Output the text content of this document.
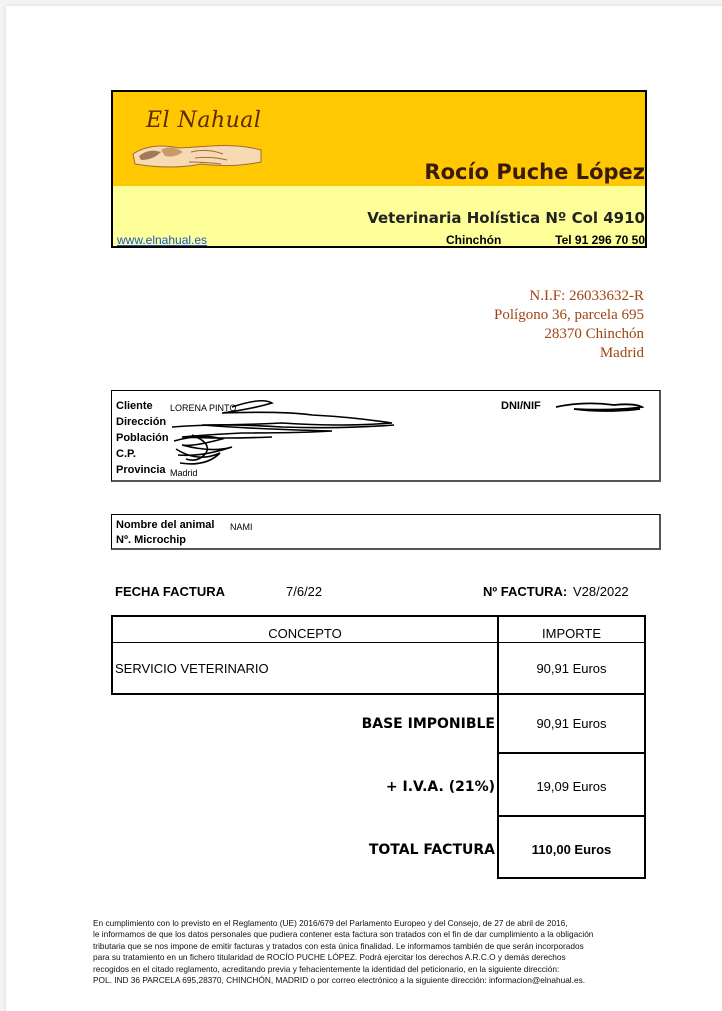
El Nahual
Rocío Puche López
Veterinaria Holística Nº Col 4910
www.elnahual.es	Chinchón	Tel 91 296 70 50
N.I.F: 26033632-R
Polígono 36, parcela 695
28370 Chinchón
Madrid
Cliente LORENA PINTO
Dirección
Población
C.P.
Provincia Madrid
DNI/NIF
Nombre del animal NAMI
Nº. Microchip
FECHA FACTURA	7/6/22	Nº FACTURA: V28/2022
CONCEPTO	IMPORTE
SERVICIO VETERINARIO	90,91 Euros
BASE IMPONIBLE	90,91 Euros
+ I.V.A. (21%)	19,09 Euros
TOTAL FACTURA	110,00 Euros
En cumplimiento con lo previsto en el Reglamento (UE) 2016/679 del Parlamento Europeo y del Consejo, de 27 de abril de 2016,
le informamos de que los datos personales que pudiera contener esta factura son tratados con el fin de dar cumplimiento a la obligación
tributaria que se nos impone de emitir facturas y tratados con esta única finalidad. Le informamos también de que serán incorporados
para su tratamiento en un fichero titularidad de ROCÍO PUCHE LÓPEZ. Podrá ejercitar los derechos A.R.C.O y demás derechos
recogidos en el citado reglamento, acreditando previa y fehacientemente la identidad del peticionario, en la siguiente dirección:
POL. IND 36 PARCELA 695,28370, CHINCHÓN, MADRID o por correo electrónico a la siguiente dirección: informacion@elnahual.es.
